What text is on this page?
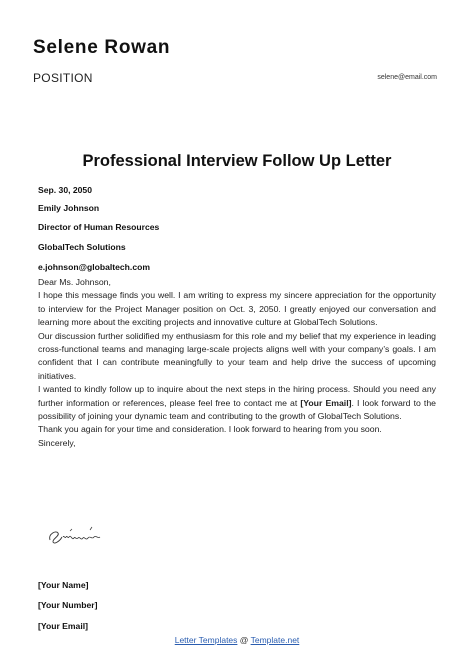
Selene Rowan
POSITION	selene@email.com
Professional Interview Follow Up Letter
Sep. 30, 2050
Emily Johnson
Director of Human Resources
GlobalTech Solutions
e.johnson@globaltech.com

Dear Ms. Johnson,

I hope this message finds you well. I am writing to express my sincere appreciation for the opportunity to interview for the Project Manager position on Oct. 3, 2050. I greatly enjoyed our conversation and learning more about the exciting projects and innovative culture at GlobalTech Solutions.

Our discussion further solidified my enthusiasm for this role and my belief that my experience in leading cross-functional teams and managing large-scale projects aligns well with your company’s goals. I am confident that I can contribute meaningfully to your team and help drive the success of upcoming initiatives.

I wanted to kindly follow up to inquire about the next steps in the hiring process. Should you need any further information or references, please feel free to contact me at [Your Email]. I look forward to the possibility of joining your dynamic team and contributing to the growth of GlobalTech Solutions.

Thank you again for your time and consideration. I look forward to hearing from you soon.

Sincerely,

[Your Name]
[Your Number]
[Your Email]
Letter Templates @ Template.net
